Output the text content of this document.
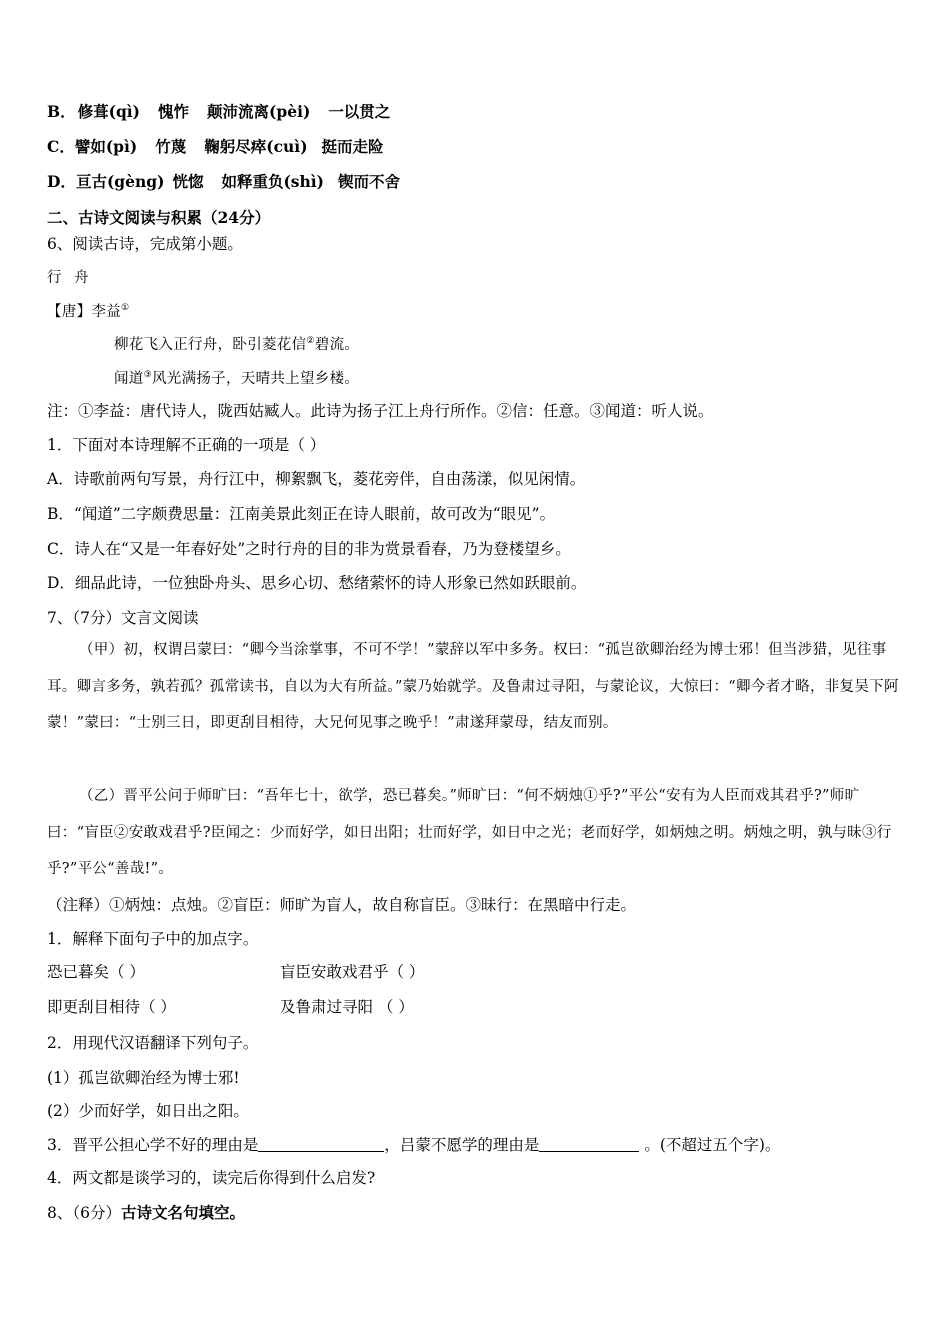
B． 修葺(qì) 愧怍 颠沛流离(pèi) 一以贯之
C．譬如(pì) 竹蔑 鞠躬尽瘁(cuì) 挺而走险
D．亘古(gèng) 恍惚 如释重负(shì) 锲而不舍
二、古诗文阅读与积累（24分）
6、阅读古诗，完成第小题。
行 舟
【唐】李益①
柳花飞入正行舟，卧引菱花信②碧流。
闻道③风光满扬子，天晴共上望乡楼。
注：①李益：唐代诗人，陇西姑臧人。此诗为扬子江上舟行所作。②信：任意。③闻道：听人说。
1．下面对本诗理解不正确的一项是（ ）
A．诗歌前两句写景，舟行江中，柳絮飘飞，菱花旁伴，自由荡漾，似见闲情。
B．“闻道”二字颇费思量：江南美景此刻正在诗人眼前，故可改为“眼见”。
C．诗人在“又是一年春好处”之时行舟的目的非为赏景看春，乃为登楼望乡。
D．细品此诗，一位独卧舟头、思乡心切、愁绪萦怀的诗人形象已然如跃眼前。
7、（7分）文言文阅读
（甲）初，权谓吕蒙曰：“卿今当涂掌事，不可不学！”蒙辞以军中多务。权曰：“孤岂欲卿治经为博士邪！但当涉猎，见往事耳。卿言多务，孰若孤？孤常读书，自以为大有所益。”蒙乃始就学。及鲁肃过寻阳，与蒙论议，大惊曰：“卿今者才略，非复吴下阿蒙！”蒙曰：“士别三日，即更刮目相待，大兄何见事之晚乎！”肃遂拜蒙母，结友而别。
（乙）晋平公问于师旷曰：“吾年七十，欲学，恐已暮矣。”师旷曰：“何不炳烛①乎?”平公“安有为人臣而戏其君乎?”师旷曰：“盲臣②安敢戏君乎?臣闻之：少而好学，如日出阳；壮而好学，如日中之光；老而好学，如炳烛之明。炳烛之明，孰与昧③行乎?”平公“善哉!”。
（注释）①炳烛：点烛。②盲臣：师旷为盲人，故自称盲臣。③昧行：在黑暗中行走。
1．解释下面句子中的加点字。
恐已暮矣（ ）	盲臣安敢戏君乎（ ）
即更刮目相待（ ）	及鲁肃过寻阳 （ ）
2．用现代汉语翻译下列句子。
(1）孤岂欲卿治经为博士邪!
(2）少而好学，如日出之阳。
3．晋平公担心学不好的理由是	，吕蒙不愿学的理由是	。(不超过五个字)。
4．两文都是谈学习的，读完后你得到什么启发?
8、（6分）古诗文名句填空。
